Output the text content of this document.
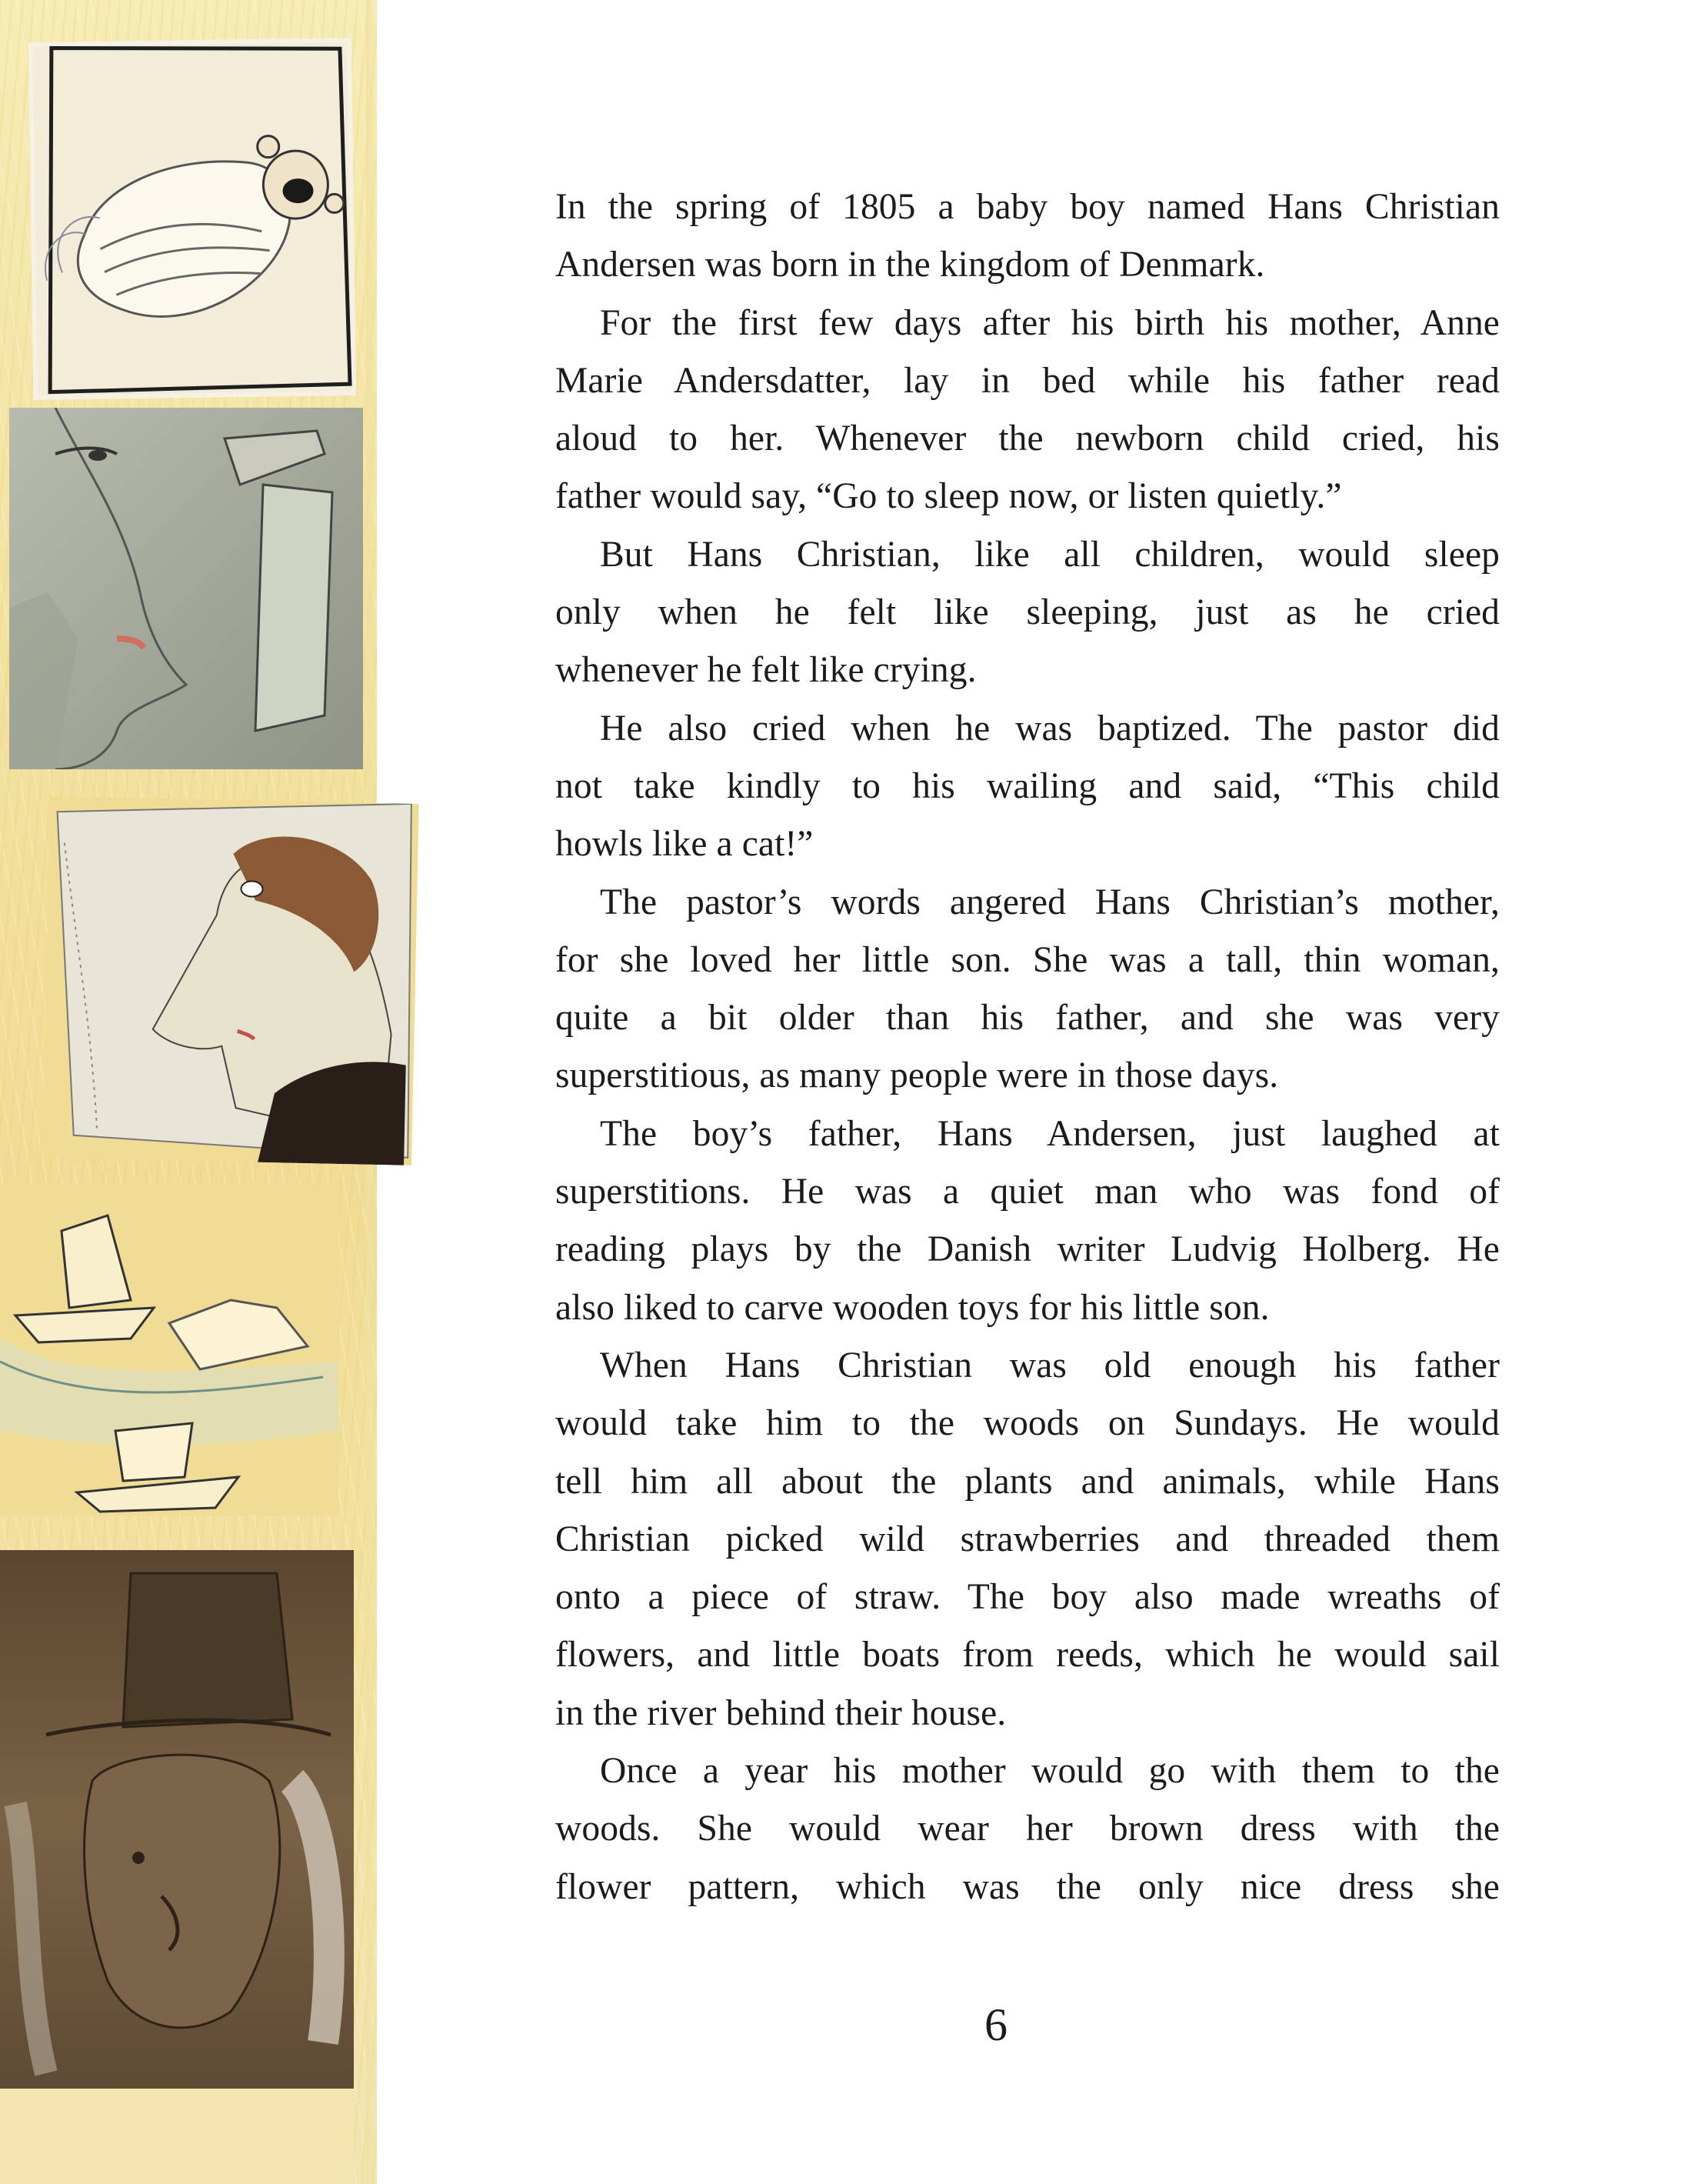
In the spring of 1805 a baby boy named Hans Christian
Andersen was born in the kingdom of Denmark.

For the first few days after his birth his mother, Anne
Marie Andersdatter, lay in bed while his father read
aloud to her. Whenever the newborn child cried, his
father would say, “Go to sleep now, or listen quietly.”

But Hans Christian, like all children, would sleep
only when he felt like sleeping, just as he cried
whenever he felt like crying.

He also cried when he was baptized. The pastor did
not take kindly to his wailing and said, “This child
howls like a cat!”

The pastor’s words angered Hans Christian’s mother,
for she loved her little son. She was a tall, thin woman,
quite a bit older than his father, and she was very
superstitious, as many people were in those days.

The boy’s father, Hans Andersen, just laughed at
superstitions. He was a quiet man who was fond of
reading plays by the Danish writer Ludvig Holberg. He
also liked to carve wooden toys for his little son.

When Hans Christian was old enough his father
would take him to the woods on Sundays. He would
tell him all about the plants and animals, while Hans
Christian picked wild strawberries and threaded them
onto a piece of straw. The boy also made wreaths of
flowers, and little boats from reeds, which he would sail
in the river behind their house.

Once a year his mother would go with them to the
woods. She would wear her brown dress with the
flower pattern, which was the only nice dress she

6
